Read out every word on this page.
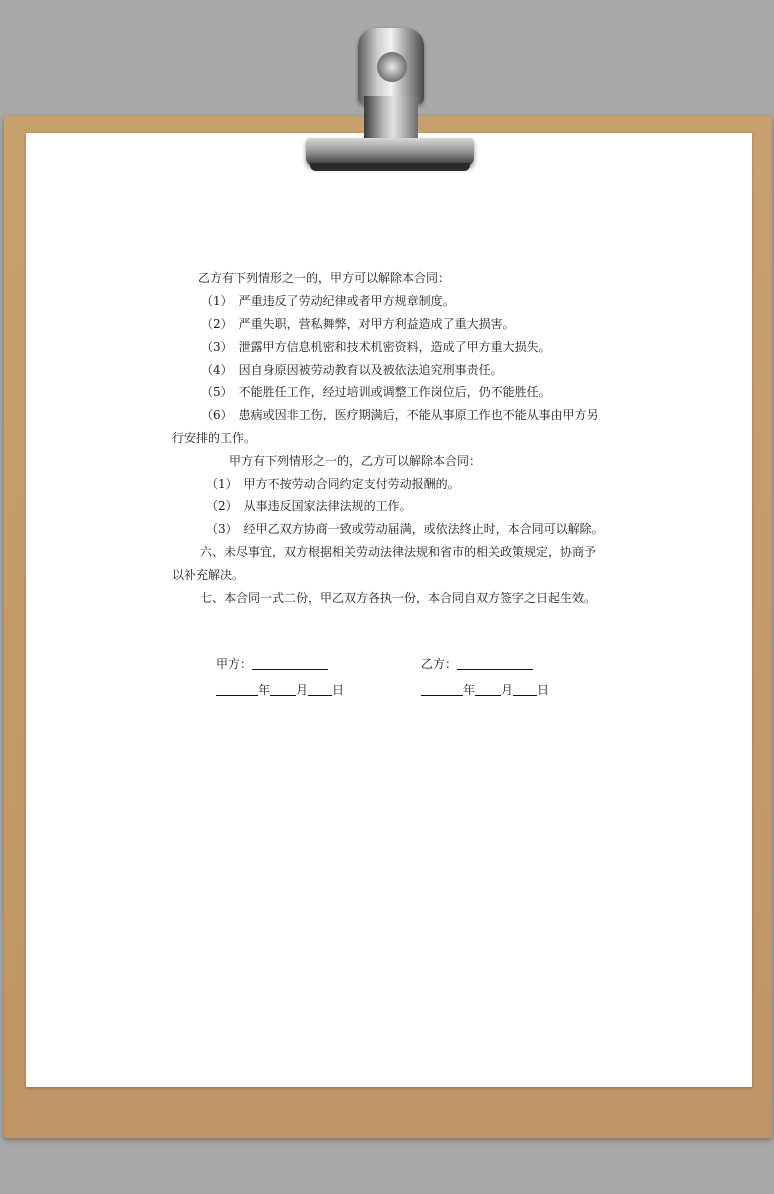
乙方有下列情形之一的，甲方可以解除本合同：
（1）　严重违反了劳动纪律或者甲方规章制度。
（2）　严重失职，营私舞弊，对甲方利益造成了重大损害。
（3）　泄露甲方信息机密和技术机密资料，造成了甲方重大损失。
（4）　因自身原因被劳动教育以及被依法追究刑事责任。
（5）　不能胜任工作，经过培训或调整工作岗位后，仍不能胜任。
（6）　患病或因非工伤，医疗期满后，不能从事原工作也不能从事由甲方另
行安排的工作。
甲方有下列情形之一的，乙方可以解除本合同：
（1）　甲方不按劳动合同约定支付劳动报酬的。
（2）　从事违反国家法律法规的工作。
（3）　经甲乙双方协商一致或劳动届满，或依法终止时，本合同可以解除。
六、未尽事宜，双方根据相关劳动法律法规和省市的相关政策规定，协商予
以补充解决。
七、本合同一式二份，甲乙双方各执一份，本合同自双方签字之日起生效。
甲方：	乙方：
年 月 日	年 月 日
